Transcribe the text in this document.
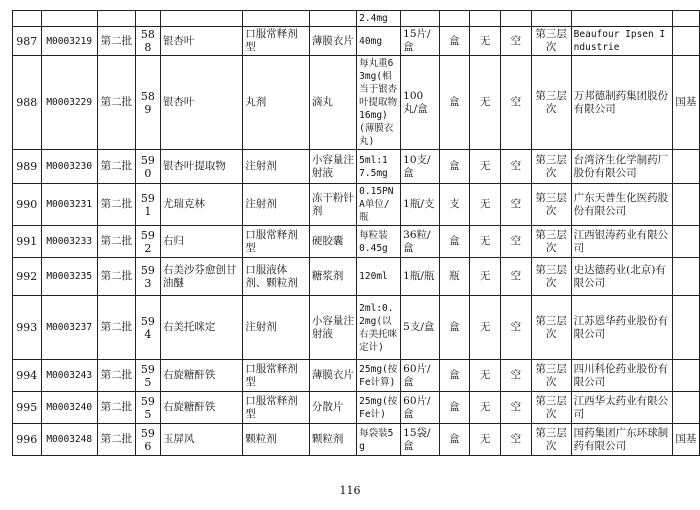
							2.4mg							
987	M0003219	第二批	588	银杏叶	口服常释剂型	薄膜衣片	40mg	15片/盒	盒	无	空	第三层次	Beaufour Ipsen Industrie	
988	M0003229	第二批	589	银杏叶	丸剂	滴丸	每丸重63mg(相当于银杏叶提取物16mg)(薄膜衣丸)	100丸/盒	盒	无	空	第三层次	万邦德制药集团股份有限公司	国基
989	M0003230	第二批	590	银杏叶提取物	注射剂	小容量注射液	5ml:17.5mg	10支/盒	盒	无	空	第三层次	台湾济生化学制药厂股份有限公司	
990	M0003231	第二批	591	尤瑞克林	注射剂	冻干粉针剂	0.15PNA单位/瓶	1瓶/支	支	无	空	第三层次	广东天普生化医药股份有限公司	
991	M0003233	第二批	592	右归	口服常释剂型	硬胶囊	每粒装0.45g	36粒/盒	盒	无	空	第三层次	江西银涛药业有限公司	
992	M0003235	第二批	593	右美沙芬愈创甘油醚	口服液体剂、颗粒剂	糖浆剂	120ml	1瓶/瓶	瓶	无	空	第三层次	史达德药业(北京)有限公司	
993	M0003237	第二批	594	右美托咪定	注射剂	小容量注射液	2ml:0.2mg(以右美托咪定计)	5支/盒	盒	无	空	第三层次	江苏恩华药业股份有限公司	
994	M0003243	第二批	595	右旋糖酐铁	口服常释剂型	薄膜衣片	25mg(按Fe计算)	60片/盒	盒	无	空	第三层次	四川科伦药业股份有限公司	
995	M0003240	第二批	595	右旋糖酐铁	口服常释剂型	分散片	25mg(按Fe计)	60片/盒	盒	无	空	第三层次	江西华太药业有限公司	
996	M0003248	第二批	596	玉屏风	颗粒剂	颗粒剂	每袋装5g	15袋/盒	盒	无	空	第三层次	国药集团广东环球制药有限公司	国基
116
